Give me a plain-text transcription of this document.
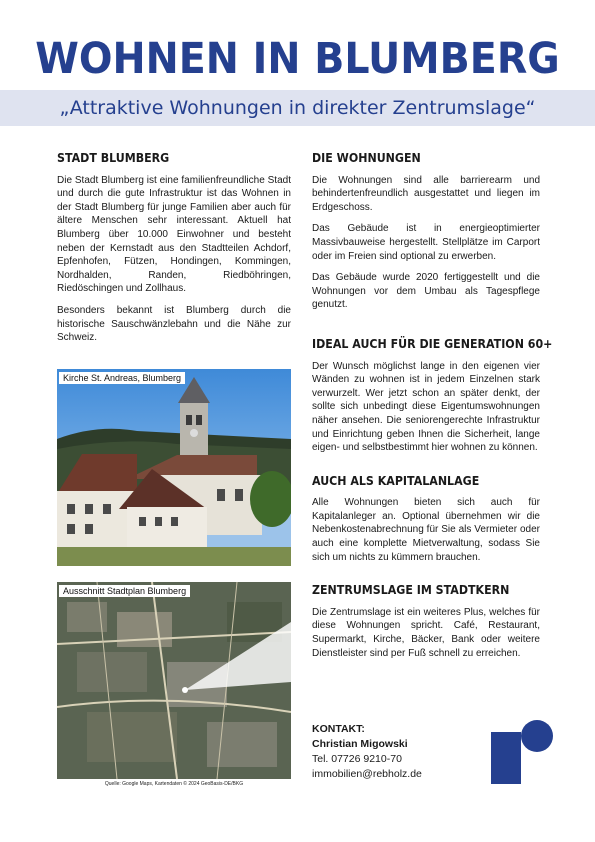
WOHNEN IN BLUMBERG
„Attraktive Wohnungen in direkter Zentrumslage“
STADT BLUMBERG

Die Stadt Blumberg ist eine familienfreundliche Stadt und durch die gute Infrastruktur ist das Wohnen in der Stadt Blumberg für junge Familien aber auch für ältere Menschen sehr interessant. Aktuell hat Blumberg über 10.000 Einwohner und besteht neben der Kernstadt aus den Stadtteilen Achdorf, Epfenhofen, Fützen, Hondingen, Kommingen, Nordhalden, Randen, Riedböhringen, Riedöschingen und Zollhaus.

Besonders bekannt ist Blumberg durch die historische Sauschwänzlebahn und die Nähe zur Schweiz.

Kirche St. Andreas, Blumberg
Ausschnitt Stadtplan Blumberg
Quelle: Google Maps, Kartendaten © 2024 GeoBasis-DE/BKG
DIE WOHNUNGEN

Die Wohnungen sind alle barrierearm und behindertenfreundlich ausgestattet und liegen im Erdgeschoss.

Das Gebäude ist in energieoptimierter Massivbauweise hergestellt. Stellplätze im Carport oder im Freien sind optional zu erwerben.

Das Gebäude wurde 2020 fertiggestellt und die Wohnungen vor dem Umbau als Tagespflege genutzt.

IDEAL AUCH FÜR DIE GENERATION 60+

Der Wunsch möglichst lange in den eigenen vier Wänden zu wohnen ist in jedem Einzelnen stark verwurzelt. Wer jetzt schon an später denkt, der sollte sich unbedingt diese Eigentumswohnungen näher ansehen. Die seniorengerechte Infrastruktur und Einrichtung geben Ihnen die Sicherheit, lange eigen- und selbstbestimmt hier wohnen zu können.

AUCH ALS KAPITALANLAGE

Alle Wohnungen bieten sich auch für Kapitalanleger an. Optional übernehmen wir die Nebenkostenabrechnung für Sie als Vermieter oder auch eine komplette Mietverwaltung, sodass Sie sich um nichts zu kümmern brauchen.

ZENTRUMSLAGE IM STADTKERN

Die Zentrumslage ist ein weiteres Plus, welches für diese Wohnungen spricht. Café, Restaurant, Supermarkt, Kirche, Bäcker, Bank oder weitere Dienstleister sind per Fuß schnell zu erreichen.

KONTAKT:
Christian Migowski
Tel. 07726 9210-70
immobilien@rebholz.de
